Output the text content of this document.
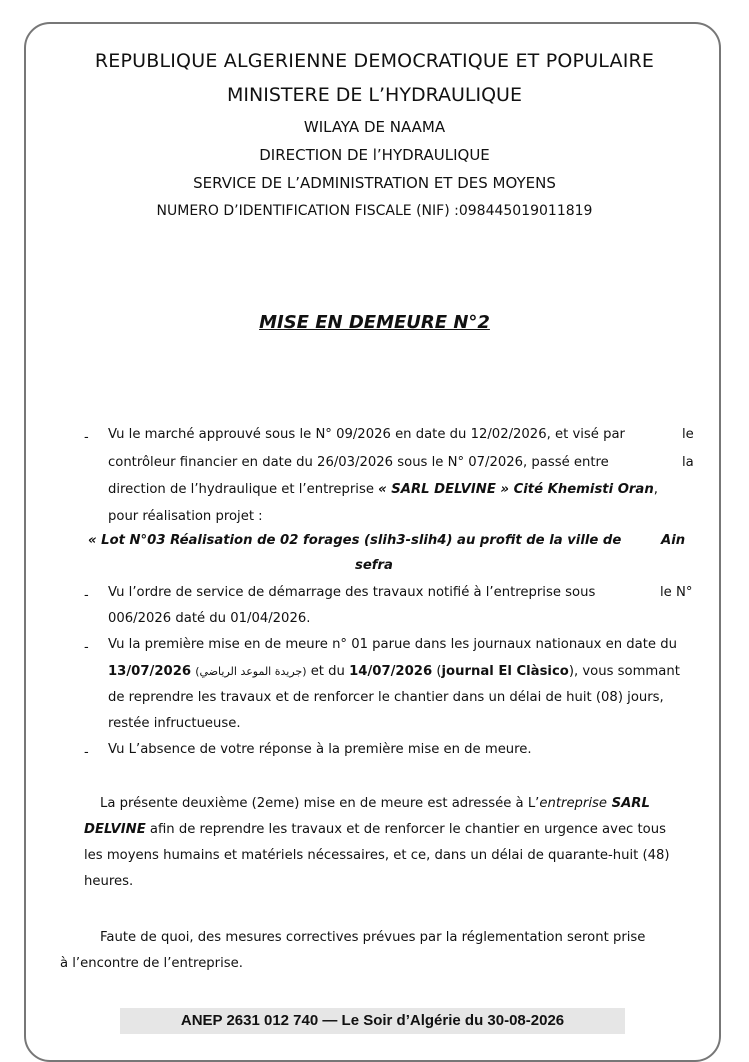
REPUBLIQUE ALGERIENNE DEMOCRATIQUE ET POPULAIRE
MINISTERE DE L’HYDRAULIQUE
WILAYA DE NAAMA
DIRECTION DE l’HYDRAULIQUE
SERVICE DE L’ADMINISTRATION ET DES MOYENS
NUMERO D’IDENTIFICATION FISCALE (NIF) :098445019011819
MISE EN DEMEURE N°2
- Vu le marché approuvé sous le N° 09/2026 en date du 12/02/2026, et visé par	le
contrôleur financier en date du 26/03/2026 sous le N° 07/2026, passé entre	la
direction de l’hydraulique et l’entreprise « SARL DELVINE » Cité Khemisti Oran,
pour réalisation projet :
« Lot N°03 Réalisation de 02 forages (slih3-slih4) au profit de la ville de	Ain
sefra
- Vu l’ordre de service de démarrage des travaux notifié à l’entreprise sous	le N°
006/2026 daté du 01/04/2026.
- Vu la première mise en de meure n° 01 parue dans les journaux nationaux en date du
13/07/2026 (جريدة الموعد الرياضي) et du 14/07/2026 (journal El Clàsico), vous sommant
de reprendre les travaux et de renforcer le chantier dans un délai de huit (08) jours,
restée infructueuse.
- Vu L’absence de votre réponse à la première mise en de meure.
La présente deuxième (2eme) mise en de meure est adressée à L’entreprise SARL
DELVINE afin de reprendre les travaux et de renforcer le chantier en urgence avec tous
les moyens humains et matériels nécessaires, et ce, dans un délai de quarante-huit (48)
heures.
Faute de quoi, des mesures correctives prévues par la réglementation seront prise
à l’encontre de l’entreprise.
ANEP 2631 012 740 — Le Soir d’Algérie du 30-08-2026
